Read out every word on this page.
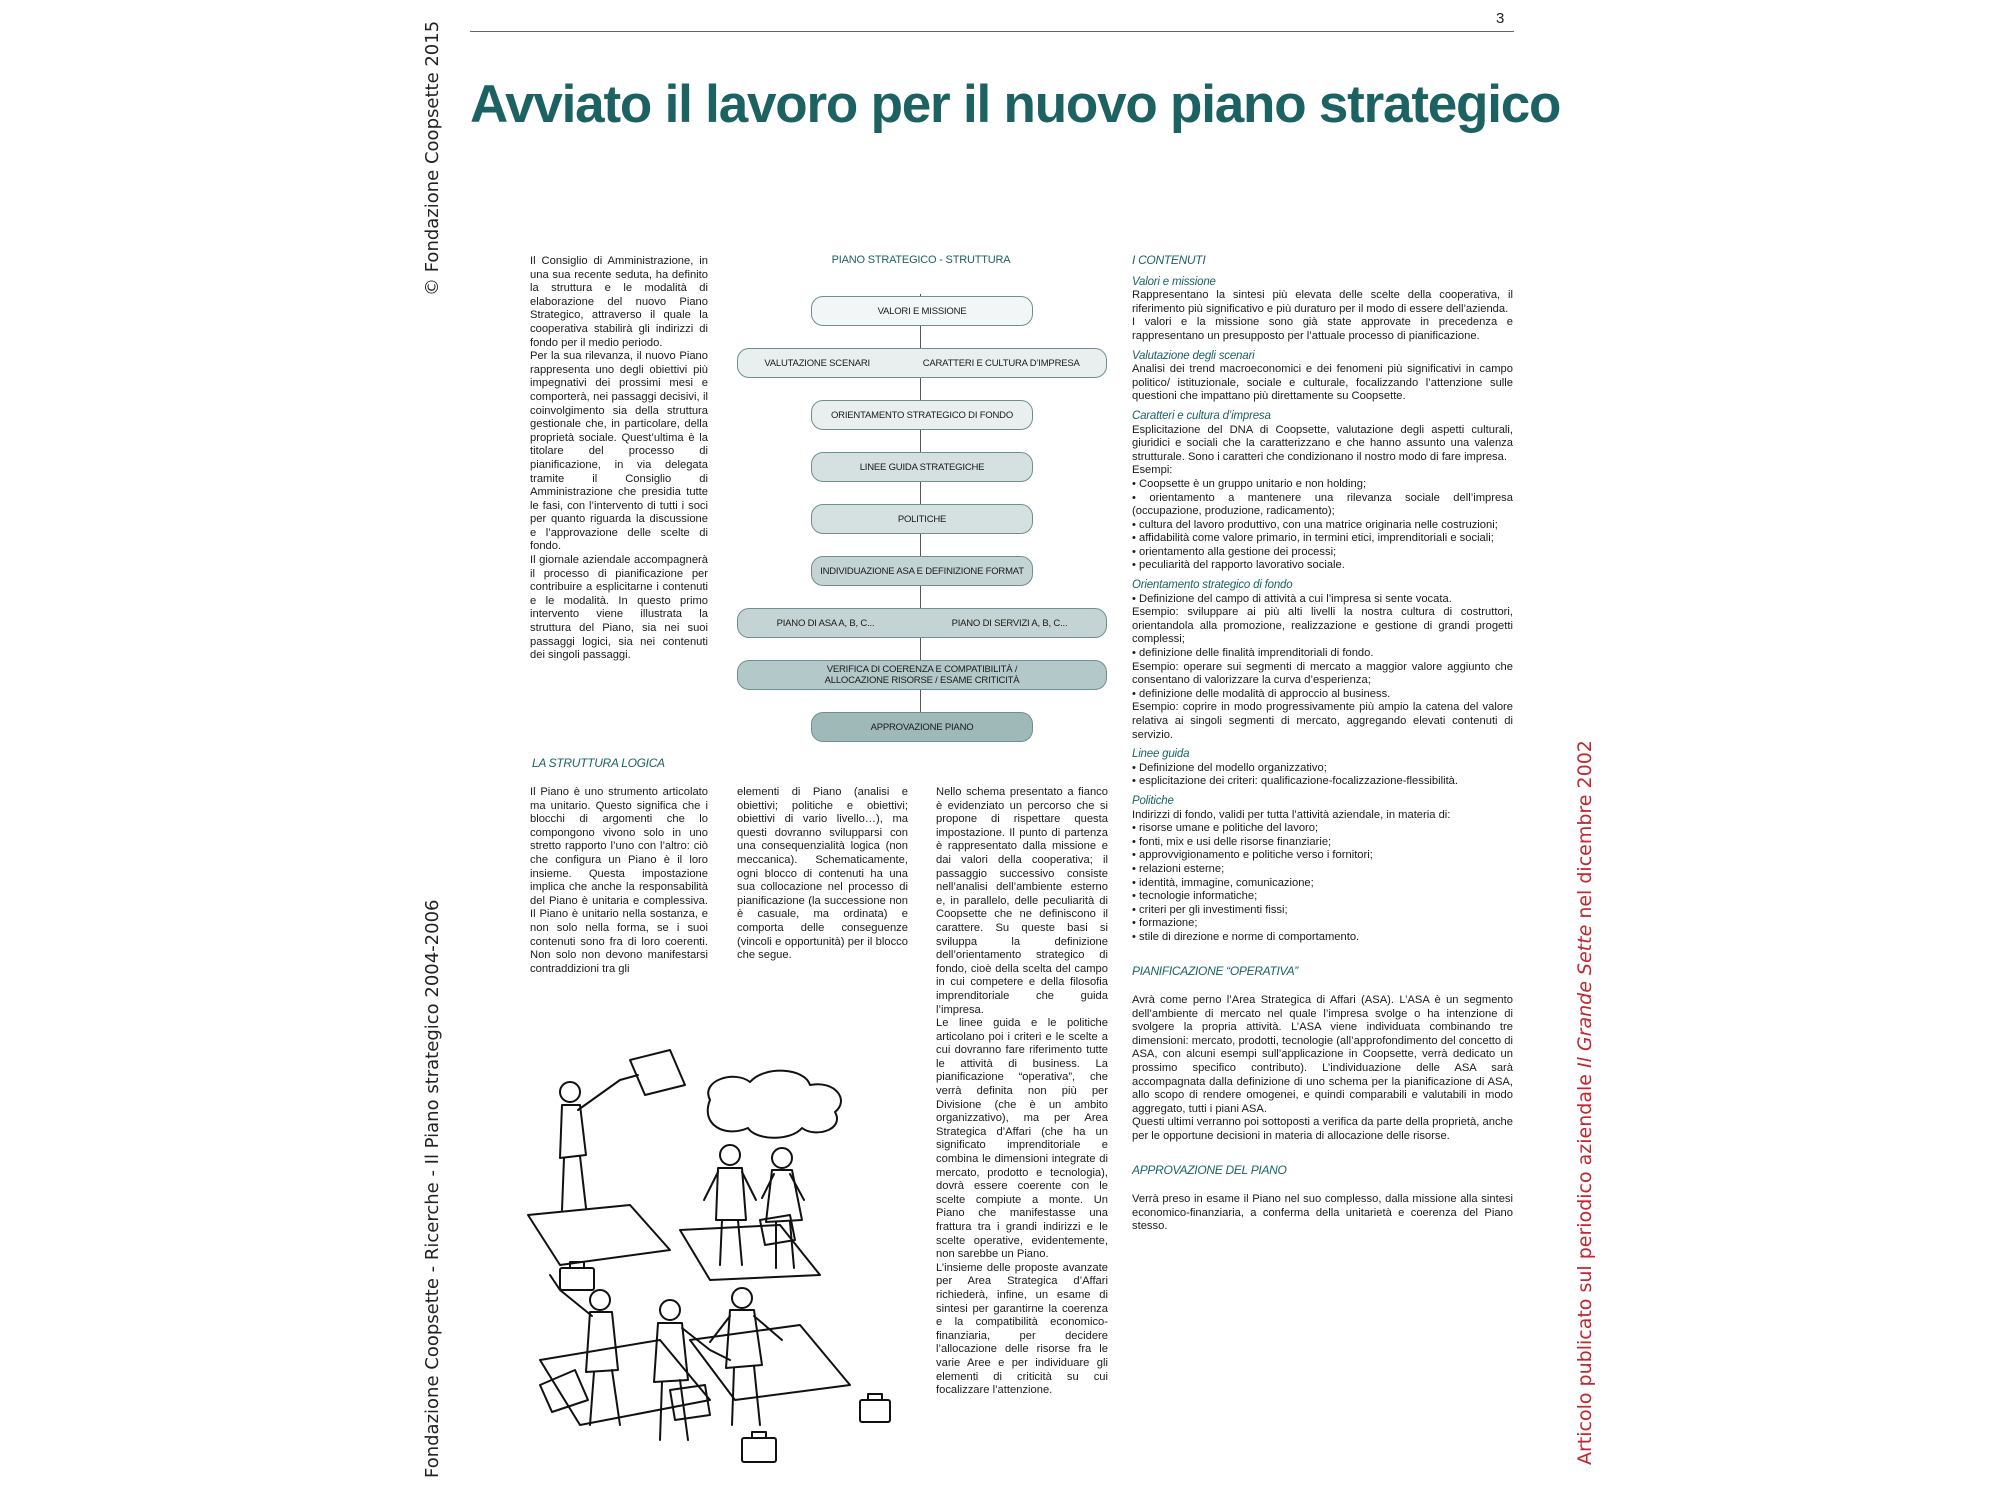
© Fondazione Coopsette 2015
Fondazione Coopsette - Ricerche - Il Piano strategico 2004-2006	Articolo publicato sul periodico aziendale Il Grande Sette nel dicembre 2002
3
Avviato il lavoro per il nuovo piano strategico

Il Consiglio di Amministrazione, in una sua recente seduta, ha definito la struttura e le modalità di elaborazione del nuovo Piano Strategico, attraverso il quale la cooperativa stabilirà gli indirizzi di fondo per il medio periodo.

Per la sua rilevanza, il nuovo Piano rappresenta uno degli obiettivi più impegnativi dei prossimi mesi e comporterà, nei passaggi decisivi, il coinvolgimento sia della struttura gestionale che, in particolare, della proprietà sociale. Quest’ultima è la titolare del processo di pianificazione, in via delegata tramite il Consiglio di Amministrazione che presidia tutte le fasi, con l’intervento di tutti i soci per quanto riguarda la discussione e l’approvazione delle scelte di fondo.

Il giornale aziendale accompagnerà il processo di pianificazione per contribuire a esplicitarne i contenuti e le modalità. In questo primo intervento viene illustrata la struttura del Piano, sia nei suoi passaggi logici, sia nei contenuti dei singoli passaggi.

PIANO STRATEGICO - STRUTTURA
VALORI E MISSIONE
VALUTAZIONE SCENARI	CARATTERI E CULTURA D’IMPRESA
ORIENTAMENTO STRATEGICO DI FONDO
LINEE GUIDA STRATEGICHE
POLITICHE
INDIVIDUAZIONE ASA E DEFINIZIONE FORMAT
PIANO DI ASA A, B, C...	PIANO DI SERVIZI A, B, C...
VERIFICA DI COERENZA E COMPATIBILITÀ /
ALLOCAZIONE RISORSE / ESAME CRITICITÀ
APPROVAZIONE PIANO
LA STRUTTURA LOGICA

Il Piano è uno strumento articolato ma unitario. Questo significa che i blocchi di argomenti che lo compongono vivono solo in uno stretto rapporto l’uno con l’altro: ciò che configura un Piano è il loro insieme. Questa impostazione implica che anche la responsabilità del Piano è unitaria e complessiva. Il Piano è unitario nella sostanza, e non solo nella forma, se i suoi contenuti sono fra di loro coerenti. Non solo non devono manifestarsi contraddizioni tra gli

elementi di Piano (analisi e obiettivi; politiche e obiettivi; obiettivi di vario livello…), ma questi dovranno svilupparsi con una consequenzialità logica (non meccanica). Schematicamente, ogni blocco di contenuti ha una sua collocazione nel processo di pianificazione (la successione non è casuale, ma ordinata) e comporta delle conseguenze (vincoli e opportunità) per il blocco che segue.

Nello schema presentato a fianco è evidenziato un percorso che si propone di rispettare questa impostazione. Il punto di partenza è rappresentato dalla missione e dai valori della cooperativa; il passaggio successivo consiste nell’analisi dell’ambiente esterno e, in parallelo, delle peculiarità di Coopsette che ne definiscono il carattere. Su queste basi si sviluppa la definizione dell’orientamento strategico di fondo, cioè della scelta del campo in cui competere e della filosofia imprenditoriale che guida l’impresa.

Le linee guida e le politiche articolano poi i criteri e le scelte a cui dovranno fare riferimento tutte le attività di business. La pianificazione “operativa”, che verrà definita non più per Divisione (che è un ambito organizzativo), ma per Area Strategica d’Affari (che ha un significato imprenditoriale e combina le dimensioni integrate di mercato, prodotto e tecnologia), dovrà essere coerente con le scelte compiute a monte. Un Piano che manifestasse una frattura tra i grandi indirizzi e le scelte operative, evidentemente, non sarebbe un Piano.

L’insieme delle proposte avanzate per Area Strategica d’Affari richiederà, infine, un esame di sintesi per garantirne la coerenza e la compatibilità economico-finanziaria, per decidere l’allocazione delle risorse fra le varie Aree e per individuare gli elementi di criticità su cui focalizzare l’attenzione.

I CONTENUTI
Valori e missione

Rappresentano la sintesi più elevata delle scelte della cooperativa, il riferimento più significativo e più duraturo per il modo di essere dell’azienda.

I valori e la missione sono già state approvate in precedenza e rappresentano un presupposto per l’attuale processo di pianificazione.

Valutazione degli scenari

Analisi dei trend macroeconomici e dei fenomeni più significativi in campo politico/ istituzionale, sociale e culturale, focalizzando l’attenzione sulle questioni che impattano più direttamente su Coopsette.

Caratteri e cultura d’impresa

Esplicitazione del DNA di Coopsette, valutazione degli aspetti culturali, giuridici e sociali che la caratterizzano e che hanno assunto una valenza strutturale. Sono i caratteri che condizionano il nostro modo di fare impresa.

Esempi:

• Coopsette è un gruppo unitario e non holding;

• orientamento a mantenere una rilevanza sociale dell’impresa (occupazione, produzione, radicamento);

• cultura del lavoro produttivo, con una matrice originaria nelle costruzioni;

• affidabilità come valore primario, in termini etici, imprenditoriali e sociali;

• orientamento alla gestione dei processi;

• peculiarità del rapporto lavorativo sociale.

Orientamento strategico di fondo

• Definizione del campo di attività a cui l’impresa si sente vocata.

Esempio: sviluppare ai più alti livelli la nostra cultura di costruttori, orientandola alla promozione, realizzazione e gestione di grandi progetti complessi;

• definizione delle finalità imprenditoriali di fondo.

Esempio: operare sui segmenti di mercato a maggior valore aggiunto che consentano di valorizzare la curva d’esperienza;

• definizione delle modalità di approccio al business.

Esempio: coprire in modo progressivamente più ampio la catena del valore relativa ai singoli segmenti di mercato, aggregando elevati contenuti di servizio.

Linee guida

• Definizione del modello organizzativo;

• esplicitazione dei criteri: qualificazione-focalizzazione-flessibilità.

Politiche

Indirizzi di fondo, validi per tutta l’attività aziendale, in materia di:

• risorse umane e politiche del lavoro;

• fonti, mix e usi delle risorse finanziarie;

• approvvigionamento e politiche verso i fornitori;

• relazioni esterne;

• identità, immagine, comunicazione;

• tecnologie informatiche;

• criteri per gli investimenti fissi;

• formazione;

• stile di direzione e norme di comportamento.

PIANIFICAZIONE “OPERATIVA”

Avrà come perno l’Area Strategica di Affari (ASA). L’ASA è un segmento dell’ambiente di mercato nel quale l’impresa svolge o ha intenzione di svolgere la propria attività. L’ASA viene individuata combinando tre dimensioni: mercato, prodotti, tecnologie (all’approfondimento del concetto di ASA, con alcuni esempi sull’applicazione in Coopsette, verrà dedicato un prossimo specifico contributo). L’individuazione delle ASA sarà accompagnata dalla definizione di uno schema per la pianificazione di ASA, allo scopo di rendere omogenei, e quindi comparabili e valutabili in modo aggregato, tutti i piani ASA.

Questi ultimi verranno poi sottoposti a verifica da parte della proprietà, anche per le opportune decisioni in materia di allocazione delle risorse.

APPROVAZIONE DEL PIANO

Verrà preso in esame il Piano nel suo complesso, dalla missione alla sintesi economico-finanziaria, a conferma della unitarietà e coerenza del Piano stesso.
